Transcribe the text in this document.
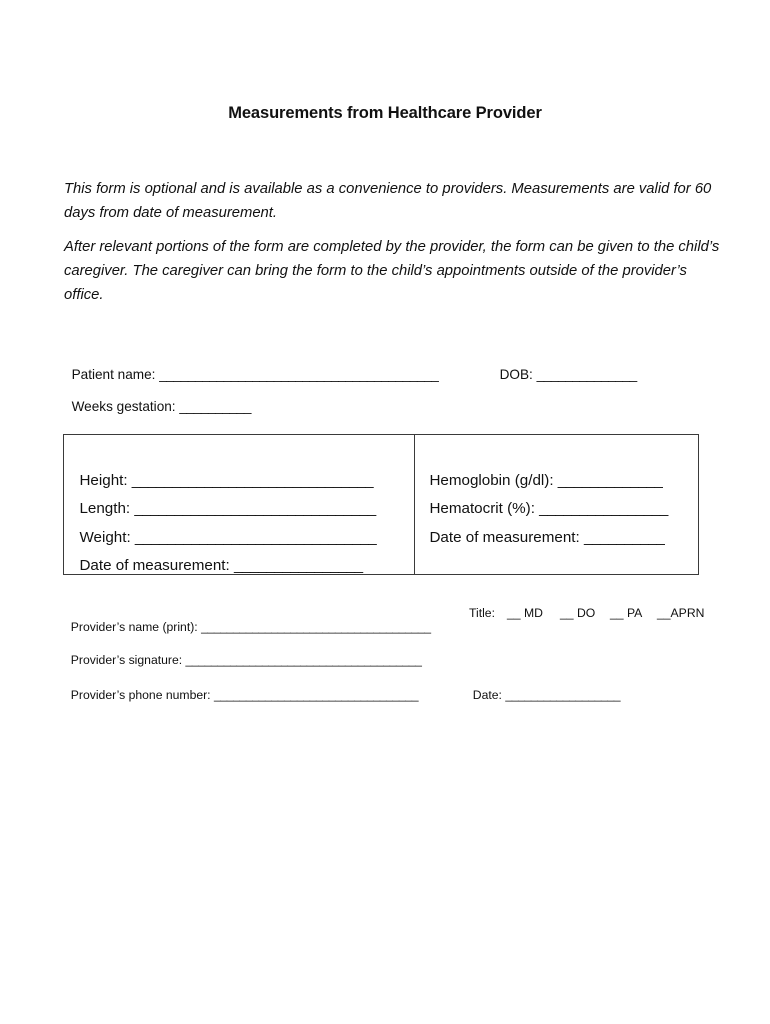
Measurements from Healthcare Provider

This form is optional and is available as a convenience to providers. Measurements are valid for 60 days from date of measurement.

After relevant portions of the form are completed by the provider, the form can be given to the child’s caregiver. The caregiver can bring the form to the child’s appointments outside of the provider’s office.

Patient name: _______________________________________	DOB: ______________

Weeks gestation: __________

Height: ______________________________

Length: ______________________________

Weight: ______________________________

Date of measurement: ________________

Hemoglobin (g/dl): _____________

Hematocrit (%): ________________

Date of measurement: __________

Provider’s name (print): ____________________________________

Title: __ MD __ DO __ PA __APRN

Provider’s signature: _____________________________________

Provider’s phone number: ________________________________	Date: __________________
